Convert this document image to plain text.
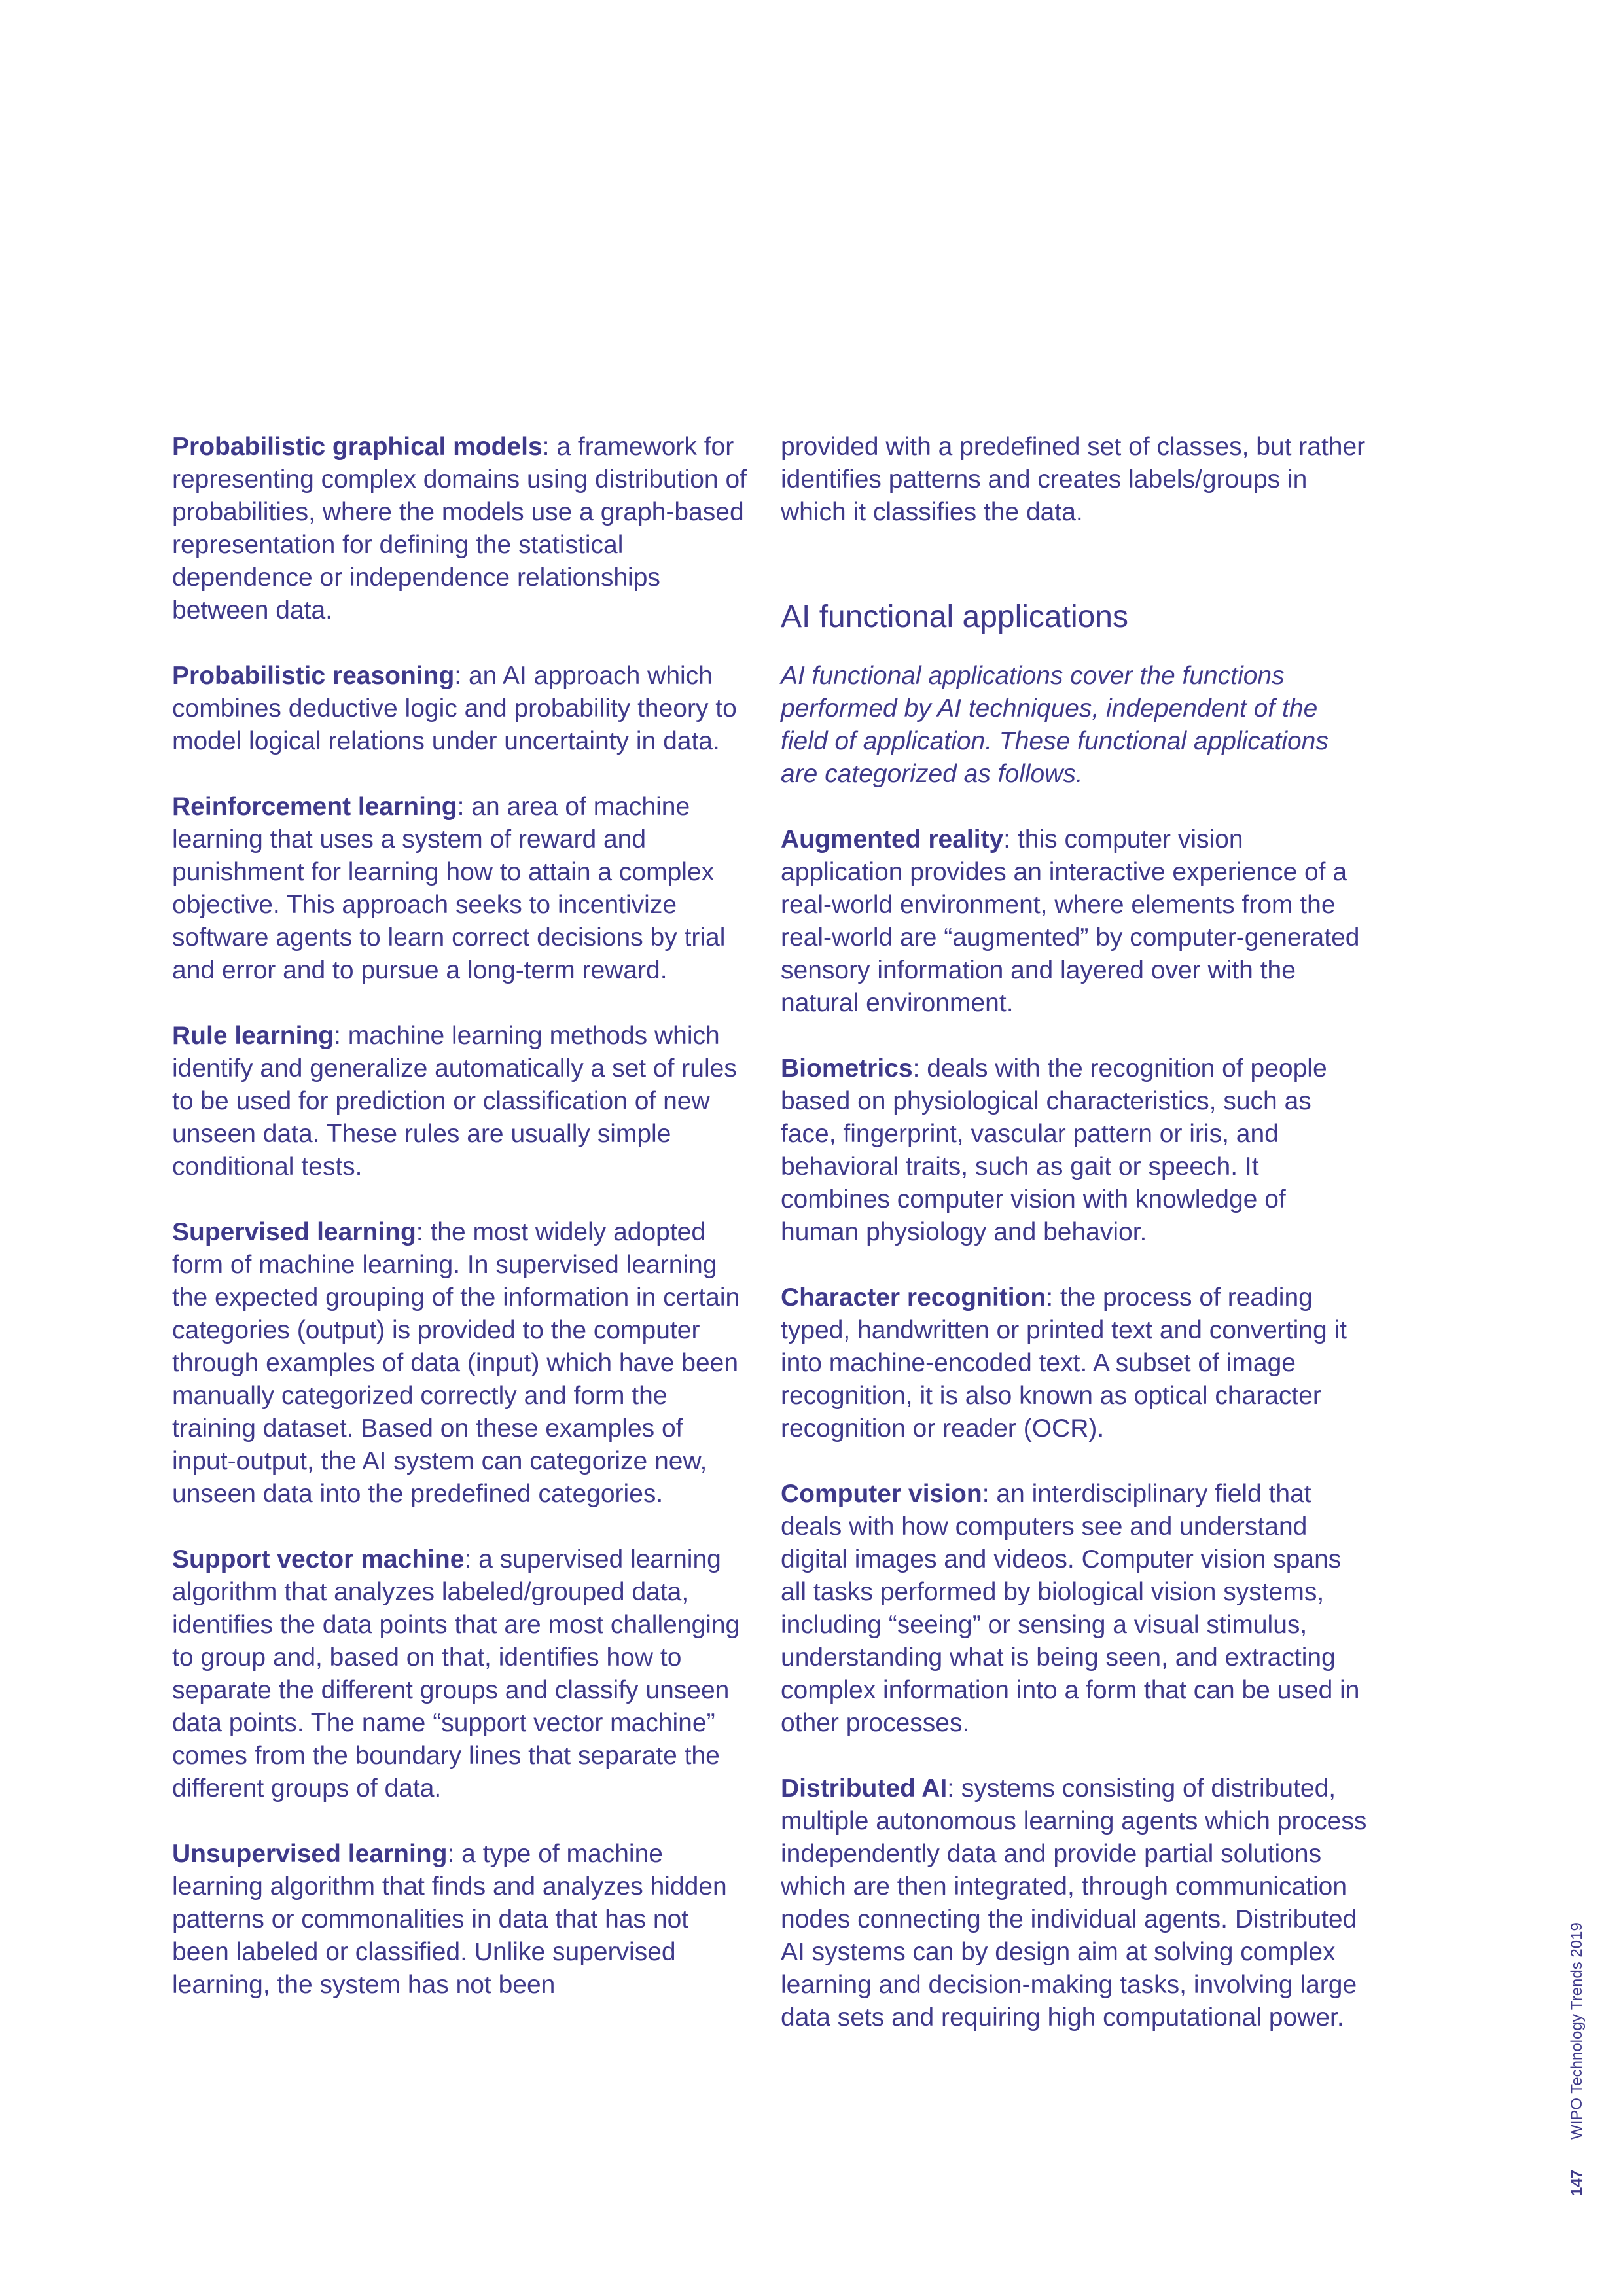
Probabilistic graphical models: a framework for representing complex domains using distribution of probabilities, where the models use a graph-based representation for defining the statistical dependence or independence relationships between data.

Probabilistic reasoning: an AI approach which combines deductive logic and probability theory to model logical relations under uncertainty in data.

Reinforcement learning: an area of machine learning that uses a system of reward and punishment for learning how to attain a complex objective. This approach seeks to incentivize software agents to learn correct decisions by trial and error and to pursue a long-term reward.

Rule learning: machine learning methods which identify and generalize automatically a set of rules to be used for prediction or classification of new unseen data. These rules are usually simple conditional tests.

Supervised learning: the most widely adopted form of machine learning. In supervised learning the expected grouping of the information in certain categories (output) is provided to the computer through examples of data (input) which have been manually categorized correctly and form the training dataset. Based on these examples of input-output, the AI system can categorize new, unseen data into the predefined categories.

Support vector machine: a supervised learning algorithm that analyzes labeled/grouped data, identifies the data points that are most challenging to group and, based on that, identifies how to separate the different groups and classify unseen data points. The name “support vector machine” comes from the boundary lines that separate the different groups of data.

Unsupervised learning: a type of machine learning algorithm that finds and analyzes hidden patterns or commonalities in data that has not been labeled or classified. Unlike supervised learning, the system has not been

provided with a predefined set of classes, but rather identifies patterns and creates labels/groups in which it classifies the data.

AI functional applications

AI functional applications cover the functions performed by AI techniques, independent of the field of application. These functional applications are categorized as follows.

Augmented reality: this computer vision application provides an interactive experience of a real-world environment, where elements from the real-world are “augmented” by computer-generated sensory information and layered over with the natural environment.

Biometrics: deals with the recognition of people based on physiological characteristics, such as face, fingerprint, vascular pattern or iris, and behavioral traits, such as gait or speech. It combines computer vision with knowledge of human physiology and behavior.

Character recognition: the process of reading typed, handwritten or printed text and converting it into machine-encoded text. A subset of image recognition, it is also known as optical character recognition or reader (OCR).

Computer vision: an interdisciplinary field that deals with how computers see and understand digital images and videos. Computer vision spans all tasks performed by biological vision systems, including “seeing” or sensing a visual stimulus, understanding what is being seen, and extracting complex information into a form that can be used in other processes.

Distributed AI: systems consisting of distributed, multiple autonomous learning agents which process independently data and provide partial solutions which are then integrated, through communication nodes connecting the individual agents. Distributed AI systems can by design aim at solving complex learning and decision-making tasks, involving large data sets and requiring high computational power.

147WIPO Technology Trends 2019
